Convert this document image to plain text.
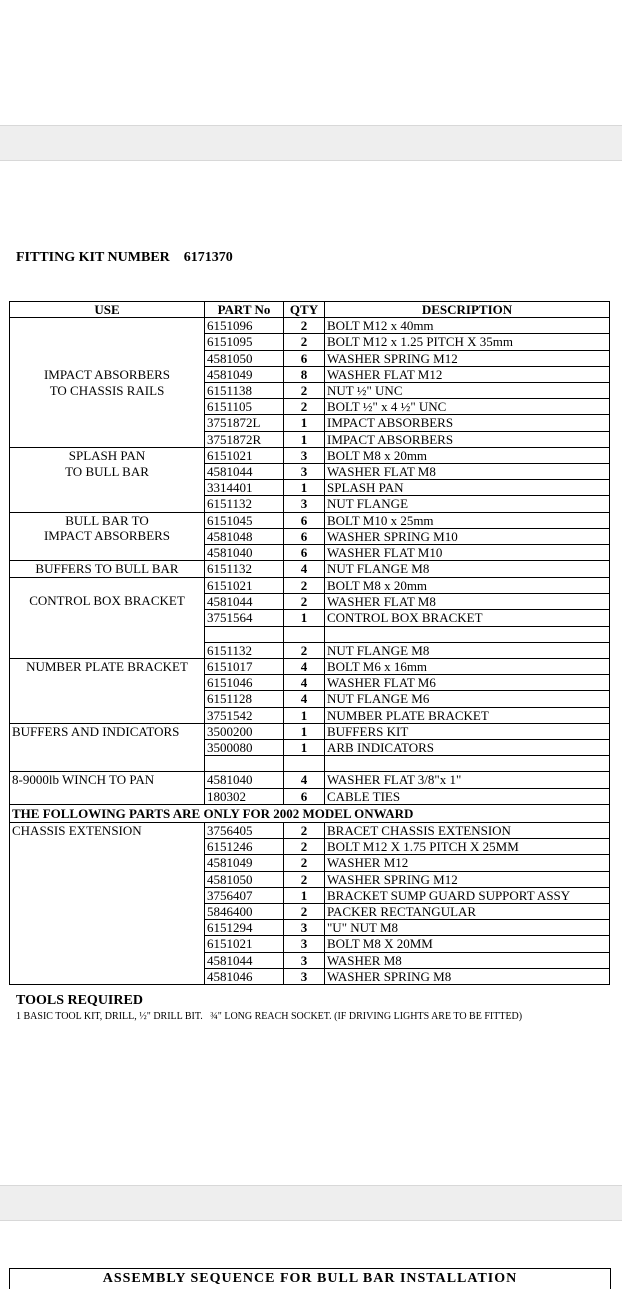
FITTING KIT NUMBER    6171370
USE	PART No	QTY	DESCRIPTION

IMPACT ABSORBERS
TO CHASSIS RAILS	6151096	2	BOLT M12 x 40mm
	6151095	2	BOLT M12 x 1.25 PITCH X 35mm
	4581050	6	WASHER SPRING M12
	4581049	8	WASHER FLAT M12
	6151138	2	NUT ½" UNC
	6151105	2	BOLT ½" x 4 ½" UNC
	3751872L	1	IMPACT ABSORBERS
	3751872R	1	IMPACT ABSORBERS

SPLASH PAN
TO BULL BAR	6151021	3	BOLT M8 x 20mm
	4581044	3	WASHER FLAT M8
	3314401	1	SPLASH PAN
	6151132	3	NUT FLANGE

BULL BAR TO
IMPACT ABSORBERS	6151045	6	BOLT M10 x 25mm
	4581048	6	WASHER SPRING M10
	4581040	6	WASHER FLAT M10

BUFFERS TO BULL BAR	6151132	4	NUT FLANGE M8

CONTROL BOX BRACKET	6151021	2	BOLT M8 x 20mm
	4581044	2	WASHER FLAT M8
	3751564	1	CONTROL BOX BRACKET

	6151132	2	NUT FLANGE M8

NUMBER PLATE BRACKET	6151017	4	BOLT M6 x 16mm
	6151046	4	WASHER FLAT M6
	6151128	4	NUT FLANGE M6
	3751542	1	NUMBER PLATE BRACKET

BUFFERS AND INDICATORS	3500200	1	BUFFERS KIT
	3500080	1	ARB INDICATORS

8-9000lb WINCH TO PAN	4581040	4	WASHER FLAT 3/8"x 1"
	180302	6	CABLE TIES
THE FOLLOWING PARTS ARE ONLY FOR 2002 MODEL ONWARD			

CHASSIS EXTENSION	3756405	2	BRACET CHASSIS EXTENSION
	6151246	2	BOLT M12 X 1.75 PITCH X 25MM
	4581049	2	WASHER M12
	4581050	2	WASHER SPRING M12
	3756407	1	BRACKET SUMP GUARD SUPPORT ASSY
	5846400	2	PACKER RECTANGULAR
	6151294	3	"U" NUT M8
	6151021	3	BOLT M8 X 20MM
	4581044	3	WASHER M8
	4581046	3	WASHER SPRING M8
TOOLS REQUIRED
1 BASIC TOOL KIT, DRILL, ½" DRILL BIT.   ¾" LONG REACH SOCKET. (IF DRIVING LIGHTS ARE TO BE FITTED)
ASSEMBLY SEQUENCE FOR BULL BAR INSTALLATION
